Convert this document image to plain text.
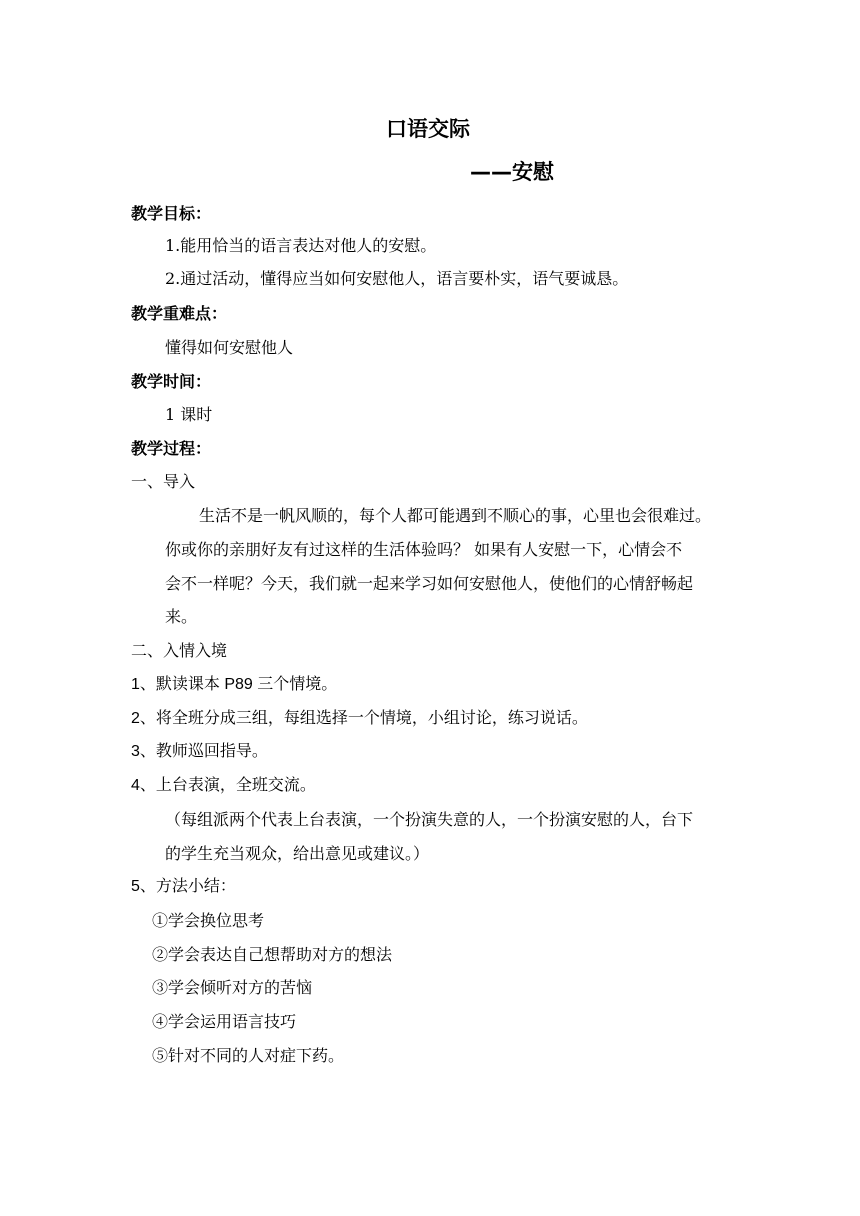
口语交际
——安慰
教学目标：
1.能用恰当的语言表达对他人的安慰。
2.通过活动，懂得应当如何安慰他人，语言要朴实，语气要诚恳。
教学重难点：
懂得如何安慰他人
教学时间：
1 课时
教学过程：
一、导入
生活不是一帆风顺的，每个人都可能遇到不顺心的事，心里也会很难过。
你或你的亲朋好友有过这样的生活体验吗？ 如果有人安慰一下，心情会不
会不一样呢？今天，我们就一起来学习如何安慰他人，使他们的心情舒畅起
来。
二、入情入境
1、默读课本 P89 三个情境。
2、将全班分成三组，每组选择一个情境，小组讨论，练习说话。
3、教师巡回指导。
4、上台表演，全班交流。
（每组派两个代表上台表演，一个扮演失意的人，一个扮演安慰的人，台下
的学生充当观众，给出意见或建议。）
5、方法小结：
①学会换位思考
②学会表达自己想帮助对方的想法
③学会倾听对方的苦恼
④学会运用语言技巧
⑤针对不同的人对症下药。
